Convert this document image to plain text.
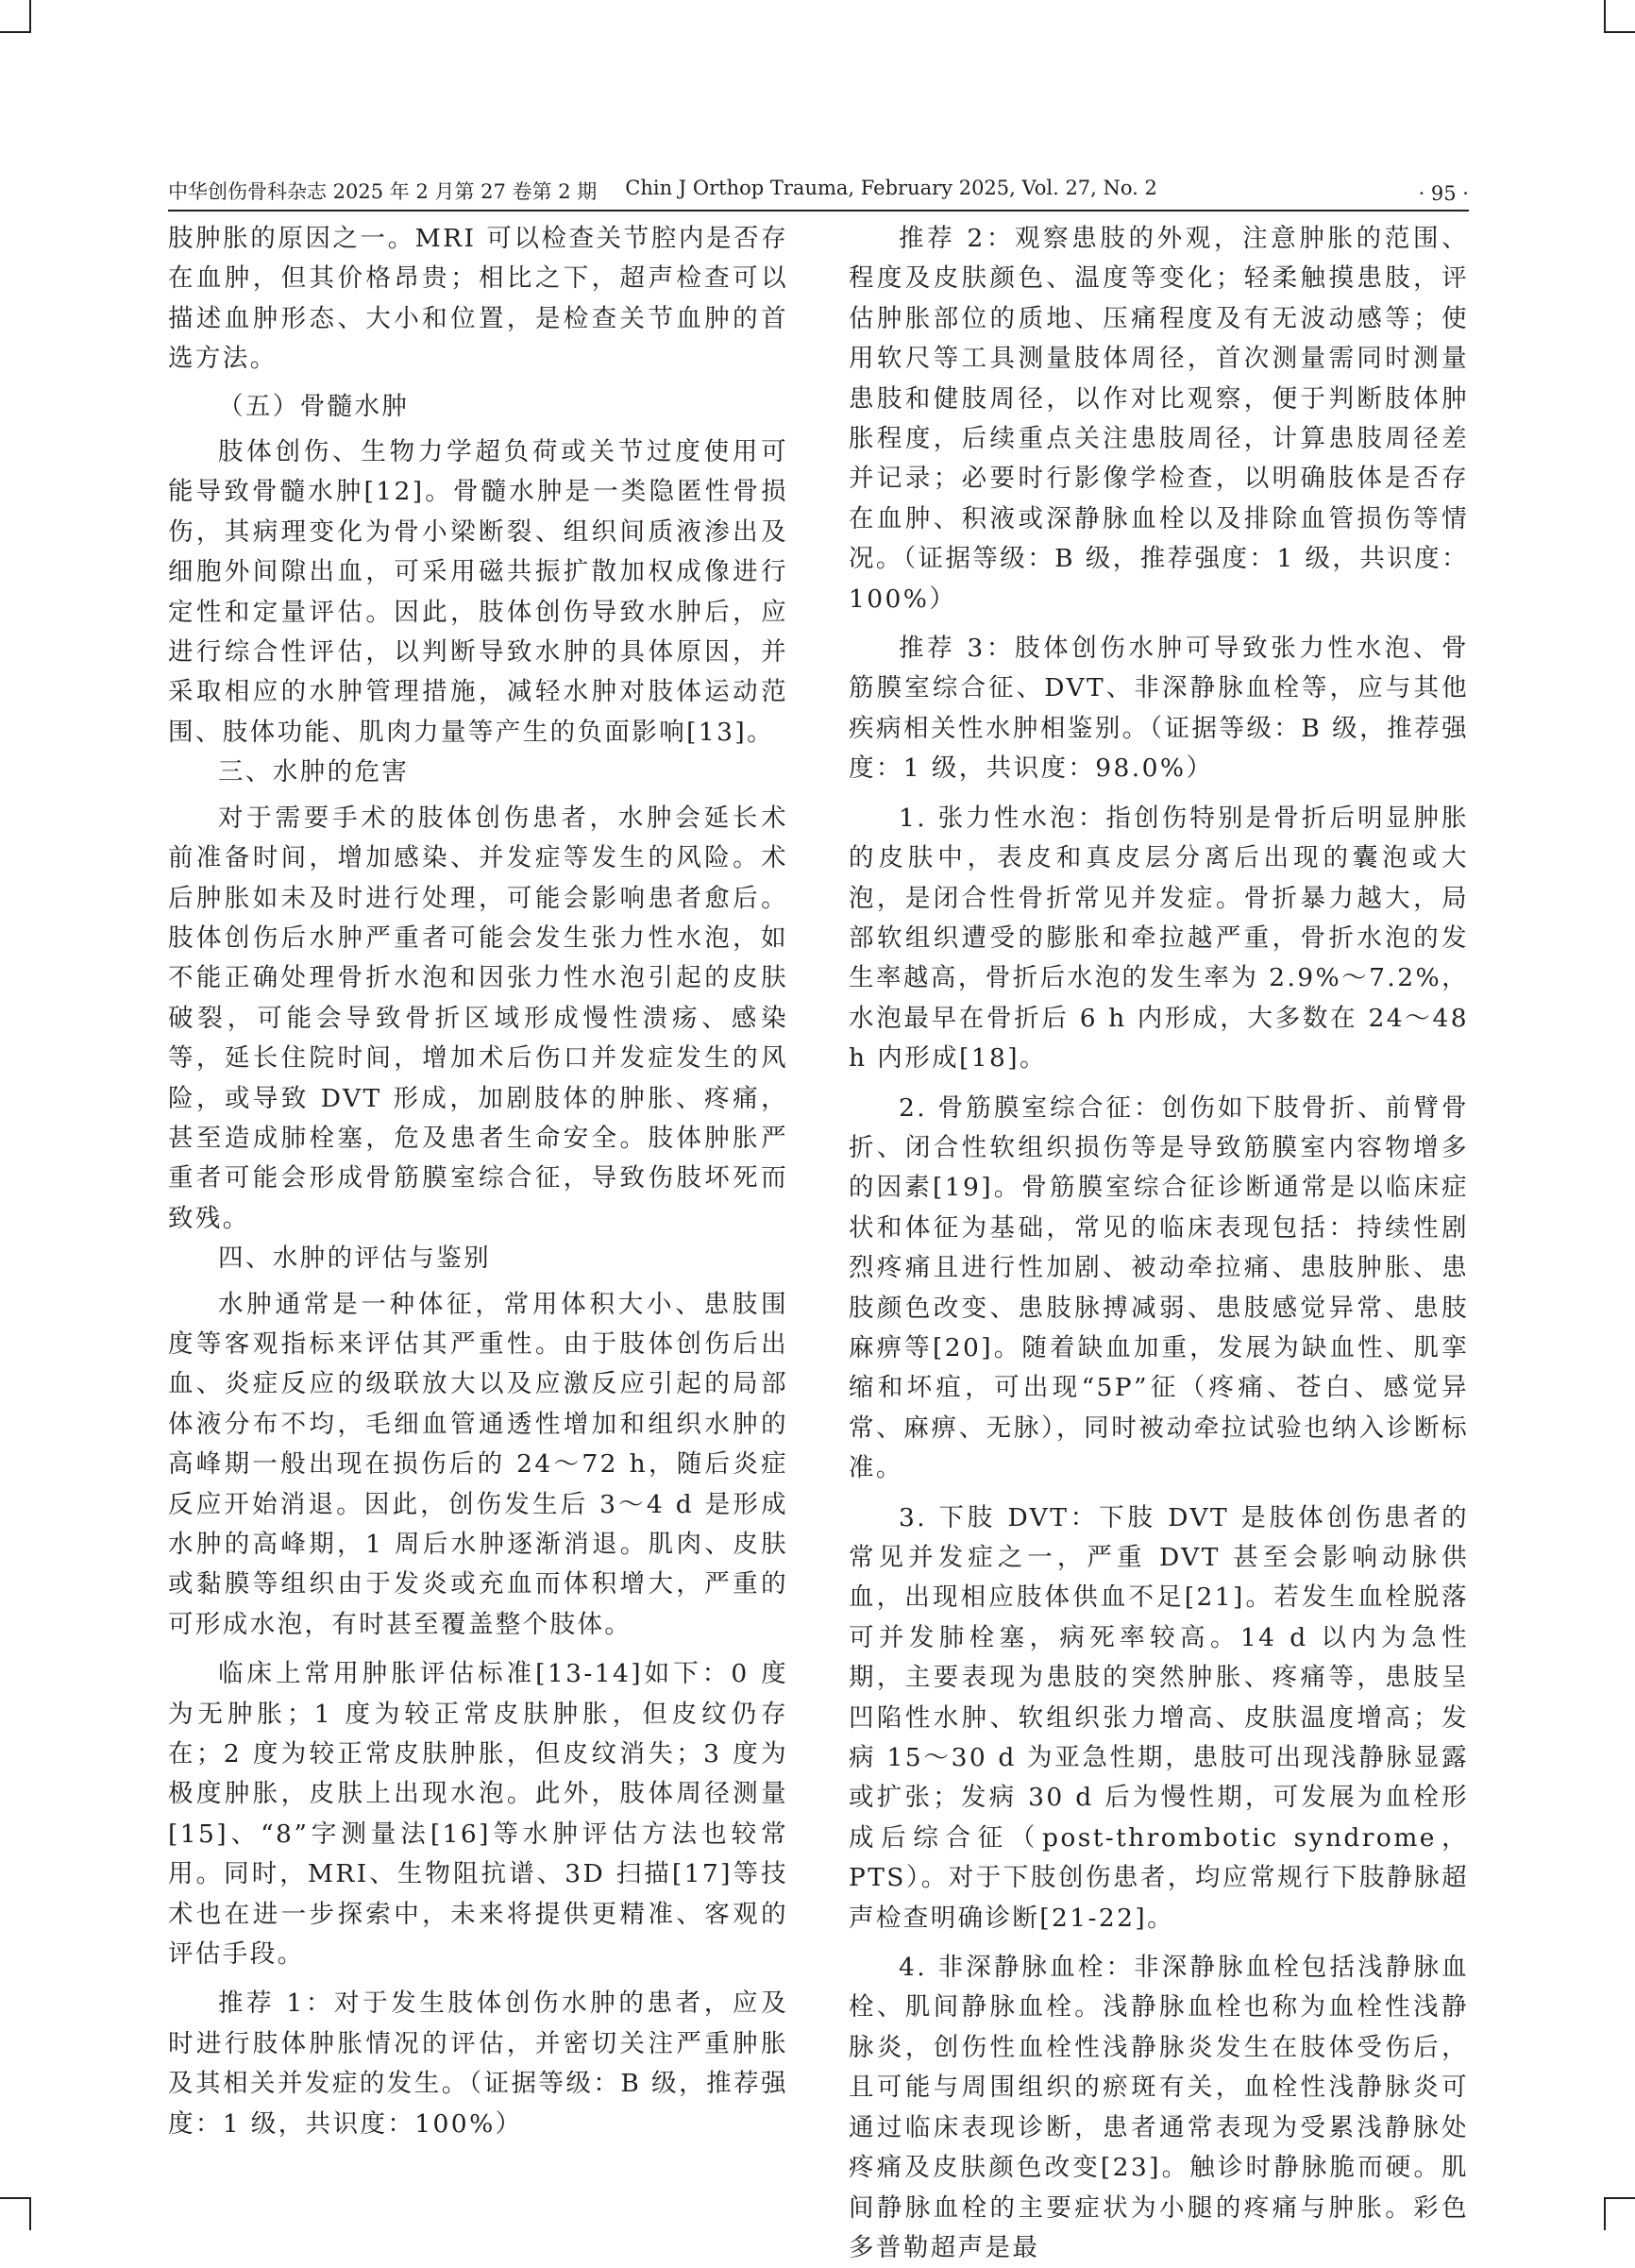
中华创伤骨科杂志 2025 年 2 月第 27 卷第 2 期 Chin J Orthop Trauma, February 2025, Vol. 27, No. 2	· 95 ·

肢肿胀的原因之一。MRI 可以检查关节腔内是否存在血肿，但其价格昂贵；相比之下，超声检查可以描述血肿形态、大小和位置，是检查关节血肿的首选方法。

（五）骨髓水肿

肢体创伤、生物力学超负荷或关节过度使用可能导致骨髓水肿[12]。骨髓水肿是一类隐匿性骨损伤，其病理变化为骨小梁断裂、组织间质液渗出及细胞外间隙出血，可采用磁共振扩散加权成像进行定性和定量评估。因此，肢体创伤导致水肿后，应进行综合性评估，以判断导致水肿的具体原因，并采取相应的水肿管理措施，减轻水肿对肢体运动范围、肢体功能、肌肉力量等产生的负面影响[13]。

三、水肿的危害

对于需要手术的肢体创伤患者，水肿会延长术前准备时间，增加感染、并发症等发生的风险。术后肿胀如未及时进行处理，可能会影响患者愈后。肢体创伤后水肿严重者可能会发生张力性水泡，如不能正确处理骨折水泡和因张力性水泡引起的皮肤破裂，可能会导致骨折区域形成慢性溃疡、感染等，延长住院时间，增加术后伤口并发症发生的风险，或导致 DVT 形成，加剧肢体的肿胀、疼痛，甚至造成肺栓塞，危及患者生命安全。肢体肿胀严重者可能会形成骨筋膜室综合征，导致伤肢坏死而致残。

四、水肿的评估与鉴别

水肿通常是一种体征，常用体积大小、患肢围度等客观指标来评估其严重性。由于肢体创伤后出血、炎症反应的级联放大以及应激反应引起的局部体液分布不均，毛细血管通透性增加和组织水肿的高峰期一般出现在损伤后的 24～72 h，随后炎症反应开始消退。因此，创伤发生后 3～4 d 是形成水肿的高峰期，1 周后水肿逐渐消退。肌肉、皮肤或黏膜等组织由于发炎或充血而体积增大，严重的可形成水泡，有时甚至覆盖整个肢体。

临床上常用肿胀评估标准[13-14]如下：0 度为无肿胀；1 度为较正常皮肤肿胀，但皮纹仍存在；2 度为较正常皮肤肿胀，但皮纹消失；3 度为极度肿胀，皮肤上出现水泡。此外，肢体周径测量[15]、“8”字测量法[16]等水肿评估方法也较常用。同时，MRI、生物阻抗谱、3D 扫描[17]等技术也在进一步探索中，未来将提供更精准、客观的评估手段。

推荐 1：对于发生肢体创伤水肿的患者，应及时进行肢体肿胀情况的评估，并密切关注严重肿胀及其相关并发症的发生。（证据等级：B 级，推荐强度：1 级，共识度：100%）

推荐 2：观察患肢的外观，注意肿胀的范围、程度及皮肤颜色、温度等变化；轻柔触摸患肢，评估肿胀部位的质地、压痛程度及有无波动感等；使用软尺等工具测量肢体周径，首次测量需同时测量患肢和健肢周径，以作对比观察，便于判断肢体肿胀程度，后续重点关注患肢周径，计算患肢周径差并记录；必要时行影像学检查，以明确肢体是否存在血肿、积液或深静脉血栓以及排除血管损伤等情况。（证据等级：B 级，推荐强度：1 级，共识度：100%）

推荐 3：肢体创伤水肿可导致张力性水泡、骨筋膜室综合征、DVT、非深静脉血栓等，应与其他疾病相关性水肿相鉴别。（证据等级：B 级，推荐强度：1 级，共识度：98.0%）

1. 张力性水泡：指创伤特别是骨折后明显肿胀的皮肤中，表皮和真皮层分离后出现的囊泡或大泡，是闭合性骨折常见并发症。骨折暴力越大，局部软组织遭受的膨胀和牵拉越严重，骨折水泡的发生率越高，骨折后水泡的发生率为 2.9%～7.2%，水泡最早在骨折后 6 h 内形成，大多数在 24～48 h 内形成[18]。

2. 骨筋膜室综合征：创伤如下肢骨折、前臂骨折、闭合性软组织损伤等是导致筋膜室内容物增多的因素[19]。骨筋膜室综合征诊断通常是以临床症状和体征为基础，常见的临床表现包括：持续性剧烈疼痛且进行性加剧、被动牵拉痛、患肢肿胀、患肢颜色改变、患肢脉搏减弱、患肢感觉异常、患肢麻痹等[20]。随着缺血加重，发展为缺血性、肌挛缩和坏疽，可出现“5P”征（疼痛、苍白、感觉异常、麻痹、无脉），同时被动牵拉试验也纳入诊断标准。

3. 下肢 DVT：下肢 DVT 是肢体创伤患者的常见并发症之一，严重 DVT 甚至会影响动脉供血，出现相应肢体供血不足[21]。若发生血栓脱落可并发肺栓塞，病死率较高。14 d 以内为急性期，主要表现为患肢的突然肿胀、疼痛等，患肢呈凹陷性水肿、软组织张力增高、皮肤温度增高；发病 15～30 d 为亚急性期，患肢可出现浅静脉显露或扩张；发病 30 d 后为慢性期，可发展为血栓形成后综合征（post-thrombotic syndrome，PTS）。对于下肢创伤患者，均应常规行下肢静脉超声检查明确诊断[21-22]。

4. 非深静脉血栓：非深静脉血栓包括浅静脉血栓、肌间静脉血栓。浅静脉血栓也称为血栓性浅静脉炎，创伤性血栓性浅静脉炎发生在肢体受伤后，且可能与周围组织的瘀斑有关，血栓性浅静脉炎可通过临床表现诊断，患者通常表现为受累浅静脉处疼痛及皮肤颜色改变[23]。触诊时静脉脆而硬。肌间静脉血栓的主要症状为小腿的疼痛与肿胀。彩色多普勒超声是最
